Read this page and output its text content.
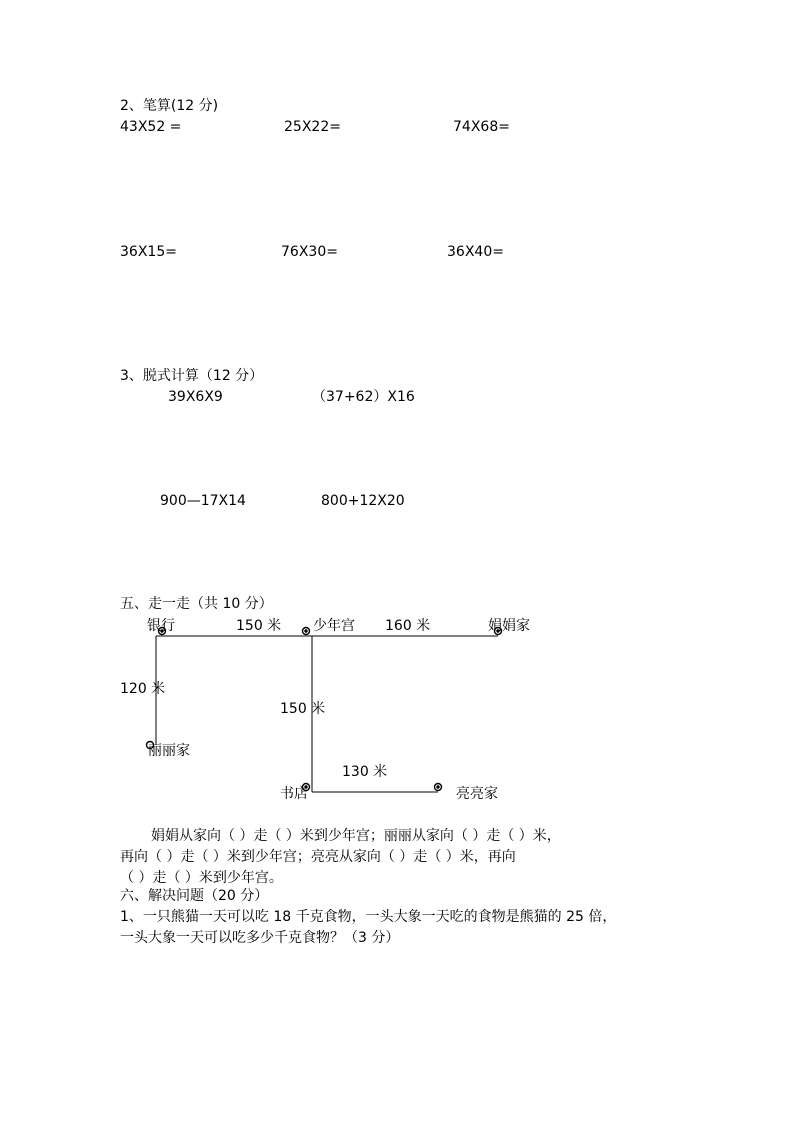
2、笔算(12 分)
43X52 =	25X22=	74X68=
36X15=	76X30=	36X40=
3、脱式计算（12 分）
39X6X9	（37+62）X16
900—17X14	800+12X20
五、走一走（共 10 分）
银行	150 米 少年宫 160 米	娟娟家
120 米
150 米
丽丽家
130 米
书店	亮亮家
娟娟从家向（ ）走（ ）米到少年宫；丽丽从家向（ ）走（ ）米，
再向（ ）走（ ）米到少年宫；亮亮从家向（ ）走（ ）米，再向
（ ）走（ ）米到少年宫。
六、解决问题（20 分）
1、一只熊猫一天可以吃 18 千克食物，一头大象一天吃的食物是熊猫的 25 倍，
一头大象一天可以吃多少千克食物？（3 分）
